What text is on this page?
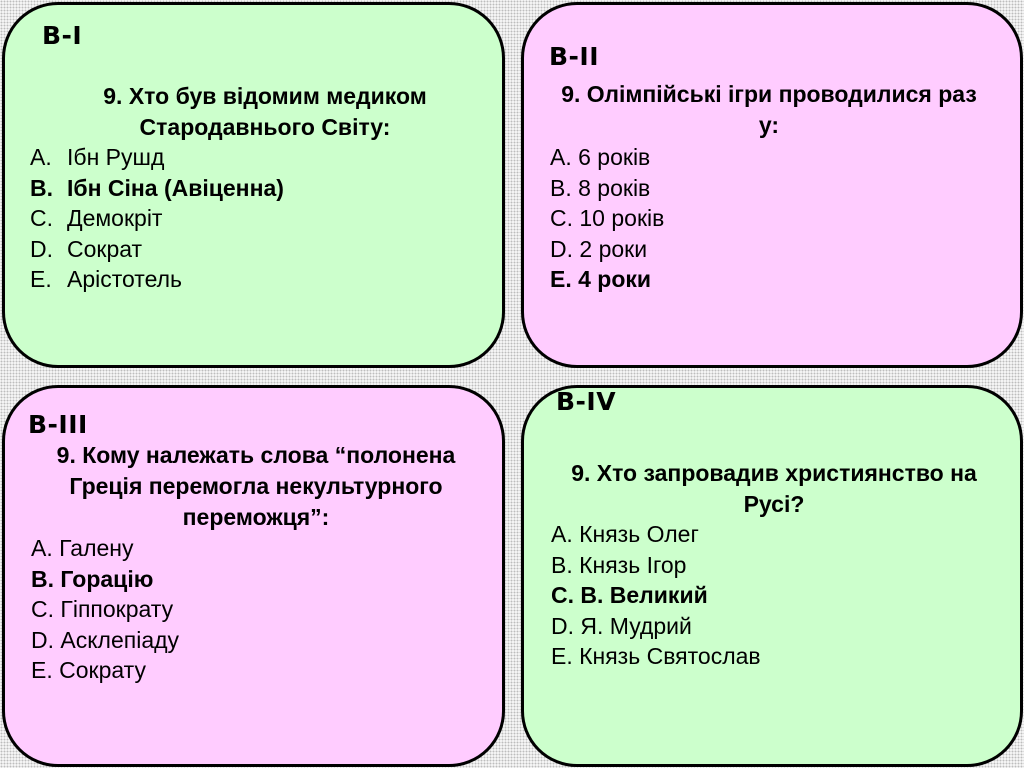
В-І
9. Хто був відомим медиком Стародавнього Світу:
A. Ібн Рушд
B. Ібн Сіна (Авіценна)
C. Демокріт
D. Сократ
E. Арістотель
В-ІІ
9. Олімпійські ігри проводилися раз у:
A. 6 років
B. 8 років
C. 10 років
D. 2 роки
E. 4 роки
В-ІІІ
9. Кому належать слова “полонена Греція перемогла некультурного переможця”:
A. Галену
B. Горацію
C. Гіппократу
D. Асклепіаду
E. Сократу
В-IV
9. Хто запровадив християнство на Русі?
A. Князь Олег
B. Князь Ігор
C. В. Великий
D. Я. Мудрий
E. Князь Святослав
